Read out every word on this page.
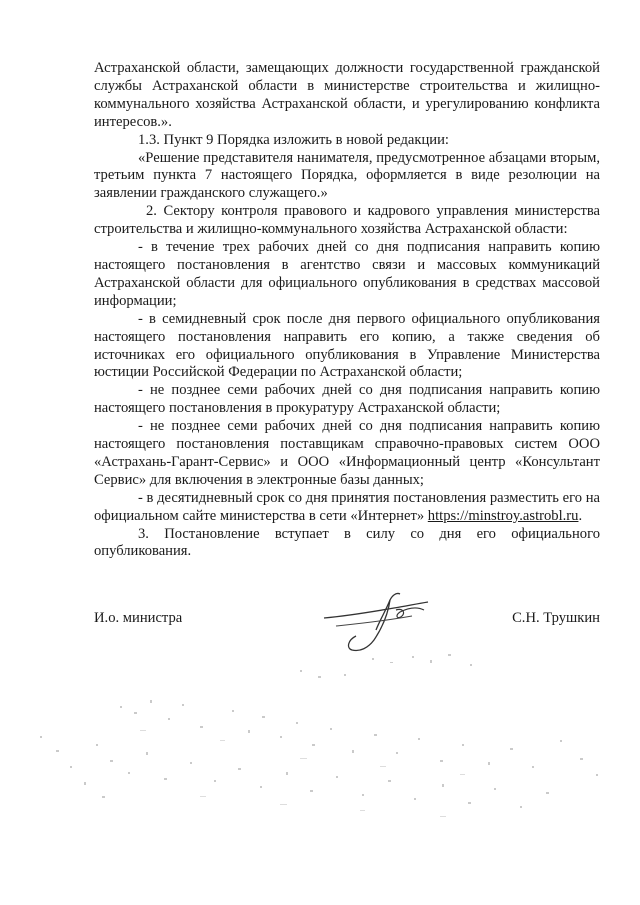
Астраханской области, замещающих должности государственной гражданской службы Астраханской области в министерстве строительства и жилищно-коммунального хозяйства Астраханской области, и урегулированию конфликта интересов.».

1.3. Пункт 9 Порядка изложить в новой редакции:

«Решение представителя нанимателя, предусмотренное абзацами вторым, третьим пункта 7 настоящего Порядка, оформляется в виде резолюции на заявлении гражданского служащего.»

2. Сектору контроля правового и кадрового управления министерства строительства и жилищно-коммунального хозяйства Астраханской области:

- в течение трех рабочих дней со дня подписания направить копию настоящего постановления в агентство связи и массовых коммуникаций Астраханской области для официального опубликования в средствах массовой информации;

- в семидневный срок после дня первого официального опубликования настоящего постановления направить его копию, а также сведения об источниках его официального опубликования в Управление Министерства юстиции Российской Федерации по Астраханской области;

- не позднее семи рабочих дней со дня подписания направить копию настоящего постановления в прокуратуру Астраханской области;

- не позднее семи рабочих дней со дня подписания направить копию настоящего постановления поставщикам справочно-правовых систем ООО «Астрахань-Гарант-Сервис» и ООО «Информационный центр «Консультант Сервис» для включения в электронные базы данных;

- в десятидневный срок со дня принятия постановления разместить его на официальном сайте министерства в сети «Интернет» https://minstroy.astrobl.ru.

3. Постановление вступает в силу со дня его официального опубликования.

И.о. министра	С.Н. Трушкин
